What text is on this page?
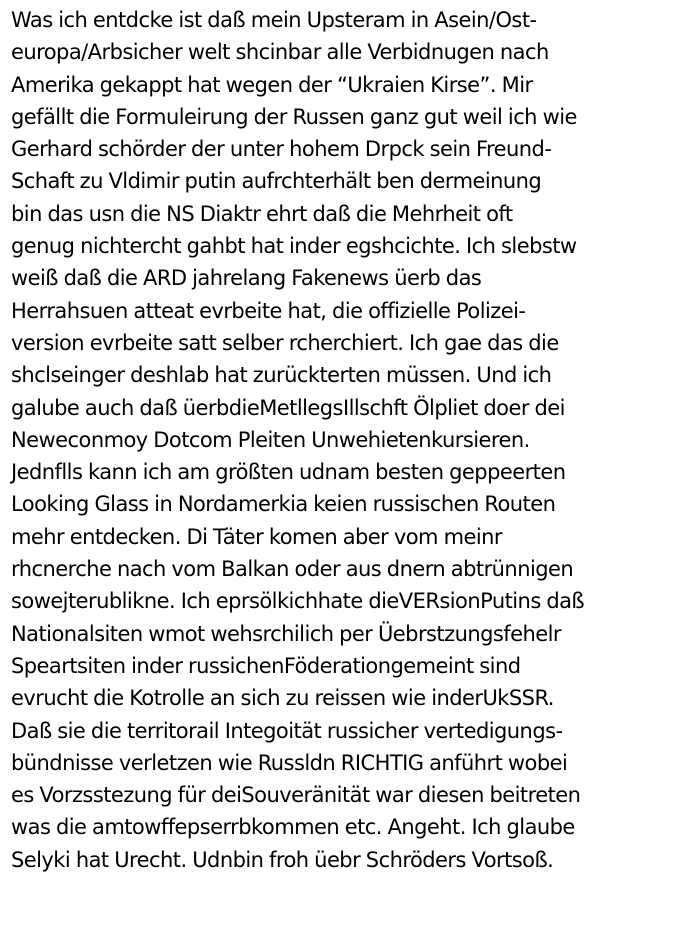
Was ich entdcke ist daß mein Upsteram in Asein/Ost-
europa/Arbsicher welt shcinbar alle Verbidnugen nach
Amerika gekappt hat wegen der “Ukraien Kirse”. Mir
gefällt die Formuleirung der Russen ganz gut weil ich wie
Gerhard schörder der unter hohem Drpck sein Freund-
Schaft zu Vldimir putin aufrchterhält ben dermeinung
bin das usn die NS Diaktr ehrt daß die Mehrheit oft
genug nichtercht gahbt hat inder egshcichte. Ich slebstw
weiß daß die ARD jahrelang Fakenews üerb das
Herrahsuen atteat evrbeite hat, die offizielle Polizei-
version evrbeite satt selber rcherchiert. Ich gae das die
shclseinger deshlab hat zurückterten müssen. Und ich
galube auch daß üerbdieMetllegsIllschft Ölpliet doer dei
Neweconmoy Dotcom Pleiten Unwehietenkursieren.
Jednflls kann ich am größten udnam besten geppeerten
Looking Glass in Nordamerkia keien russischen Routen
mehr entdecken. Di Täter komen aber vom meinr
rhcnerche nach vom Balkan oder aus dnern abtrünnigen
sowejterublikne. Ich eprsölkichhate dieVERsionPutins daß
Nationalsiten wmot wehsrchilich per Üebrstzungsfehelr
Speartsiten inder russichenFöderationgemeint sind
evrucht die Kotrolle an sich zu reissen wie inderUkSSR.
Daß sie die territorail Integoität russicher vertedigungs-
bündnisse verletzen wie Russldn RICHTIG anführt wobei
es Vorzsstezung für deiSouveränität war diesen beitreten
was die amtowffepserrbkommen etc. Angeht. Ich glaube
Selyki hat Urecht. Udnbin froh üebr Schröders Vortsoß.
